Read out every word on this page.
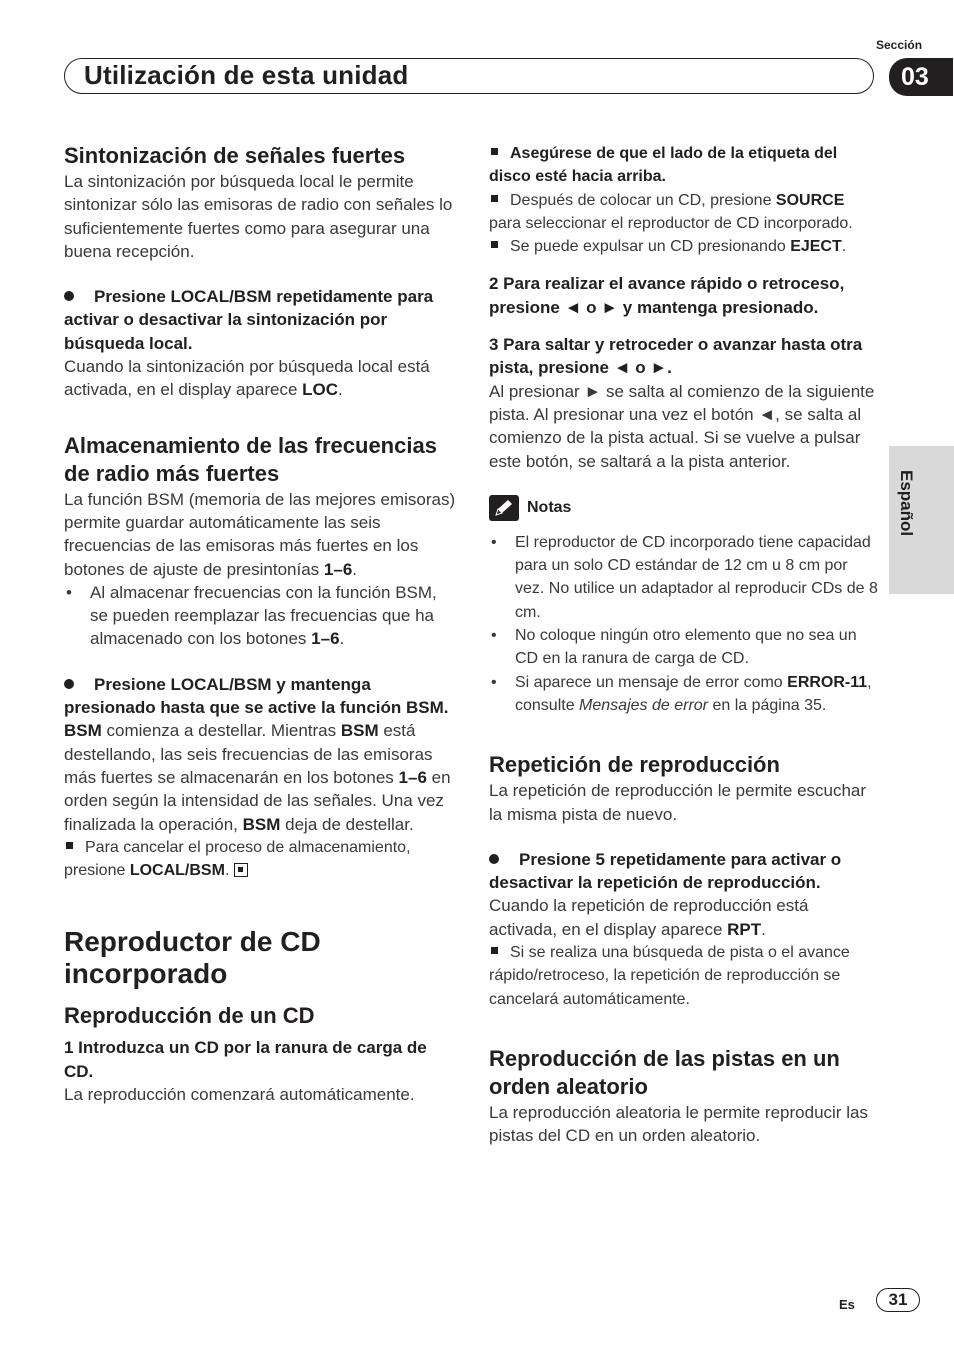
Sección
Utilización de esta unidad	03
Español
Sintonización de señales fuertes

La sintonización por búsqueda local le permite sintonizar sólo las emisoras de radio con señales lo suficientemente fuertes como para asegurar una buena recepción.

Presione LOCAL/BSM repetidamente para activar o desactivar la sintonización por búsqueda local.

Cuando la sintonización por búsqueda local está activada, en el display aparece LOC.

Almacenamiento de las frecuencias de radio más fuertes

La función BSM (memoria de las mejores emisoras) permite guardar automáticamente las seis frecuencias de las emisoras más fuertes en los botones de ajuste de presintonías 1–6.

• Al almacenar frecuencias con la función BSM, se pueden reemplazar las frecuencias que ha almacenado con los botones 1–6.

Presione LOCAL/BSM y mantenga presionado hasta que se active la función BSM.

BSM comienza a destellar. Mientras BSM está destellando, las seis frecuencias de las emisoras más fuertes se almacenarán en los botones 1–6 en orden según la intensidad de las señales. Una vez finalizada la operación, BSM deja de destellar.

Para cancelar el proceso de almacenamiento, presione LOCAL/BSM.

Reproductor de CD incorporado
Reproducción de un CD

1 Introduzca un CD por la ranura de carga de CD.

La reproducción comenzará automáticamente.

Asegúrese de que el lado de la etiqueta del disco esté hacia arriba.

Después de colocar un CD, presione SOURCE para seleccionar el reproductor de CD incorporado.

Se puede expulsar un CD presionando EJECT.

2 Para realizar el avance rápido o retroceso, presione ◄ o ► y mantenga presionado.

3 Para saltar y retroceder o avanzar hasta otra pista, presione ◄ o ►.

Al presionar ► se salta al comienzo de la siguiente pista. Al presionar una vez el botón ◄, se salta al comienzo de la pista actual. Si se vuelve a pulsar este botón, se saltará a la pista anterior.

Notas
• El reproductor de CD incorporado tiene capacidad para un solo CD estándar de 12 cm u 8 cm por vez. No utilice un adaptador al reproducir CDs de 8 cm.
• No coloque ningún otro elemento que no sea un CD en la ranura de carga de CD.
• Si aparece un mensaje de error como ERROR-11, consulte Mensajes de error en la página 35.
Repetición de reproducción

La repetición de reproducción le permite escuchar la misma pista de nuevo.

Presione 5 repetidamente para activar o desactivar la repetición de reproducción.

Cuando la repetición de reproducción está activada, en el display aparece RPT.

Si se realiza una búsqueda de pista o el avance rápido/retroceso, la repetición de reproducción se cancelará automáticamente.

Reproducción de las pistas en un orden aleatorio

La reproducción aleatoria le permite reproducir las pistas del CD en un orden aleatorio.

Es	31
